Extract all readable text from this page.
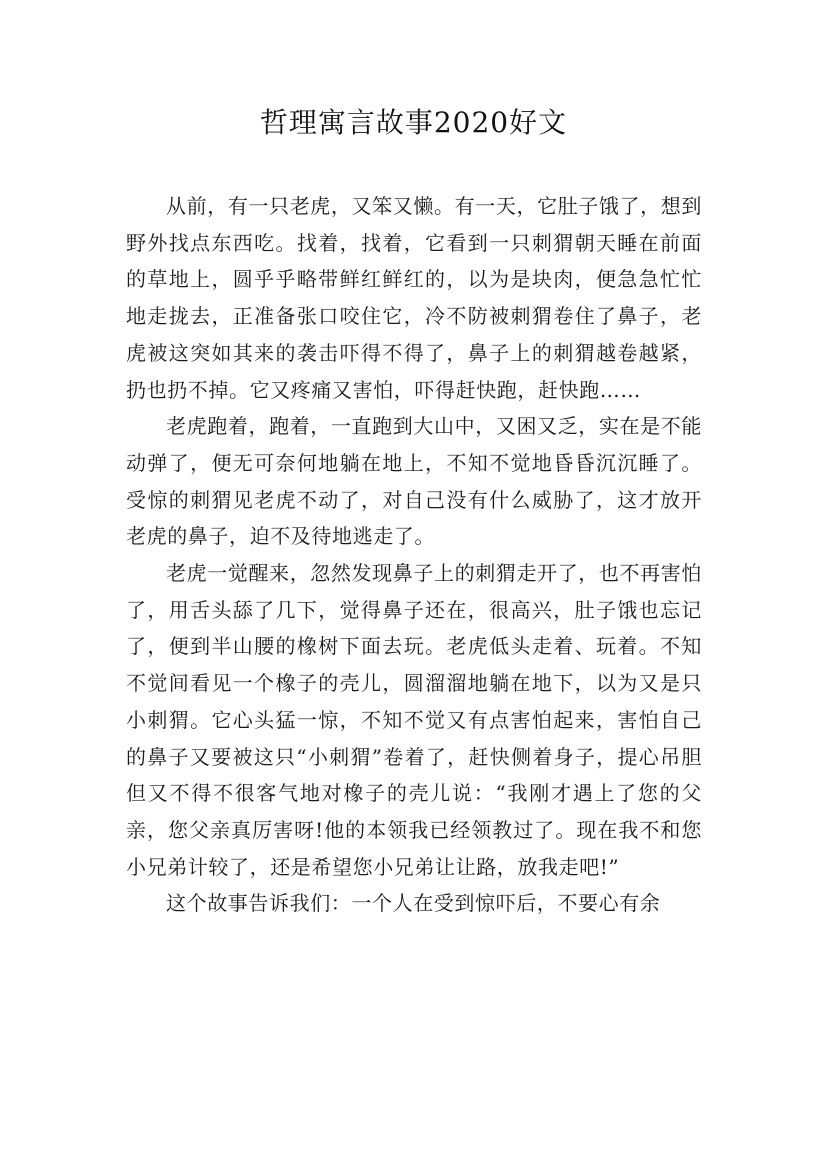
哲理寓言故事2020好文

从前，有一只老虎，又笨又懒。有一天，它肚子饿了，想到野外找点东西吃。找着，找着，它看到一只刺猬朝天睡在前面的草地上，圆乎乎略带鲜红鲜红的，以为是块肉，便急急忙忙地走拢去，正准备张口咬住它，冷不防被刺猬卷住了鼻子，老虎被这突如其来的袭击吓得不得了，鼻子上的刺猬越卷越紧，扔也扔不掉。它又疼痛又害怕，吓得赶快跑，赶快跑……

老虎跑着，跑着，一直跑到大山中，又困又乏，实在是不能动弹了，便无可奈何地躺在地上，不知不觉地昏昏沉沉睡了。受惊的刺猬见老虎不动了，对自己没有什么威胁了，这才放开老虎的鼻子，迫不及待地逃走了。

老虎一觉醒来，忽然发现鼻子上的刺猬走开了，也不再害怕了，用舌头舔了几下，觉得鼻子还在，很高兴，肚子饿也忘记了，便到半山腰的橡树下面去玩。老虎低头走着、玩着。不知不觉间看见一个橡子的壳儿，圆溜溜地躺在地下，以为又是只小刺猬。它心头猛一惊，不知不觉又有点害怕起来，害怕自己的鼻子又要被这只“小刺猬”卷着了，赶快侧着身子，提心吊胆但又不得不很客气地对橡子的壳儿说：“我刚才遇上了您的父亲，您父亲真厉害呀!他的本领我已经领教过了。现在我不和您小兄弟计较了，还是希望您小兄弟让让路，放我走吧!”

这个故事告诉我们：一个人在受到惊吓后，不要心有余
